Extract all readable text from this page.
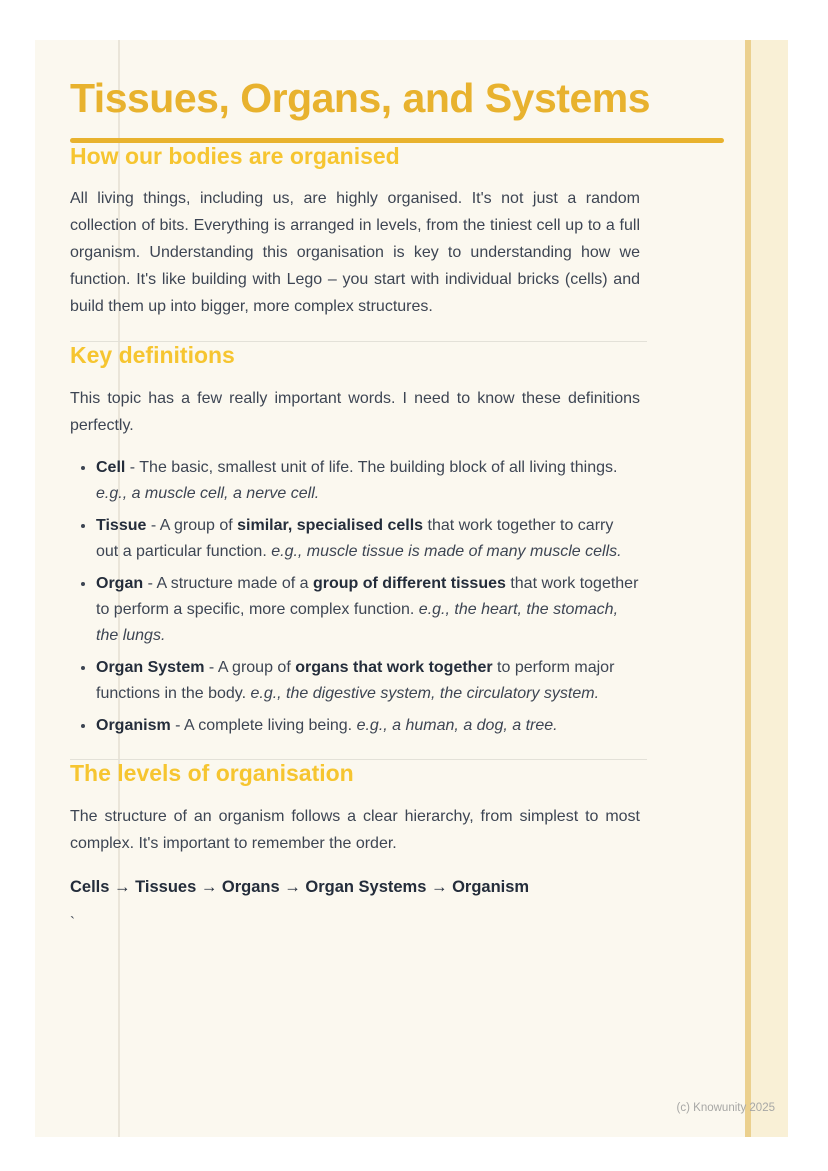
Tissues, Organs, and Systems
How our bodies are organised

All living things, including us, are highly organised. It's not just a random collection of bits. Everything is arranged in levels, from the tiniest cell up to a full organism. Understanding this organisation is key to understanding how we function. It's like building with Lego – you start with individual bricks (cells) and build them up into bigger, more complex structures.

Key definitions

This topic has a few really important words. I need to know these definitions perfectly.

• Cell - The basic, smallest unit of life. The building block of all living things. e.g., a muscle cell, a nerve cell.
• Tissue - A group of similar, specialised cells that work together to carry out a particular function. e.g., muscle tissue is made of many muscle cells.
• Organ - A structure made of a group of different tissues that work together to perform a specific, more complex function. e.g., the heart, the stomach, the lungs.
• Organ System - A group of organs that work together to perform major functions in the body. e.g., the digestive system, the circulatory system.
• Organism - A complete living being. e.g., a human, a dog, a tree.
The levels of organisation

The structure of an organism follows a clear hierarchy, from simplest to most complex. It's important to remember the order.

Cells → Tissues → Organs → Organ Systems → Organism

`

(c) Knowunity 2025
